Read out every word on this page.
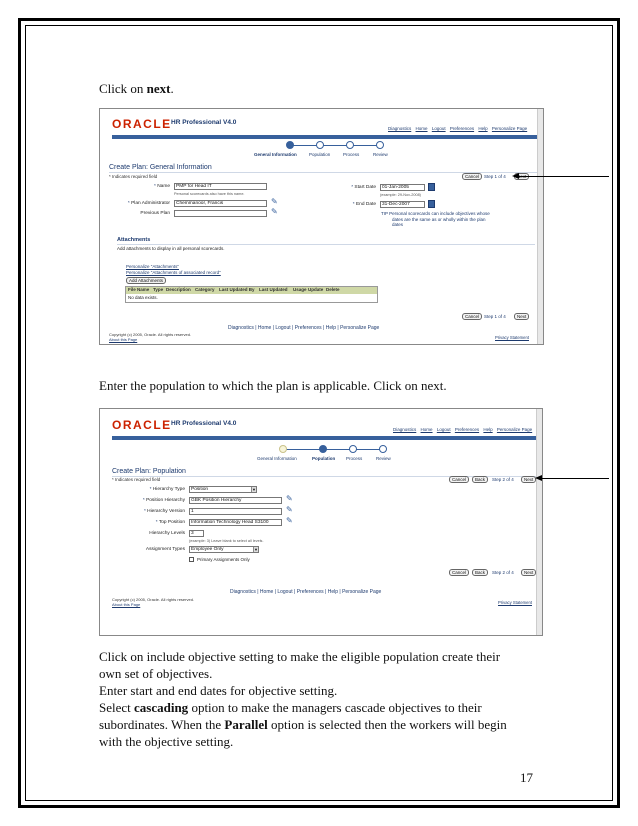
Click on next.
ORACLE HR Professional V4.0
Diagnostics Home Logout Preferences Help Personalize Page
General Information	Population	Process	Review
Create Plan: General Information
* Indicates required field	Cancel	Step 1 of 4
* Name	PMP for Head IT
Personal scorecards also have this name.
* Plan Administrator	Chemmanoor, Francis	✎
Previous Plan	✎
* Start Date	01-Jan-2005
(example: 29-Nov-2008)
* End Date	31-Dec-2007
TIP Personal scorecards can include objectives whose
dates are the same as or wholly within the plan
dates
Attachments
Add attachments to display in all personal scorecards.
Personalize "Attachments"
Personalize "Attachments of associated record"
Add Attachments
File Name Type Description Category Last Updated By Last Updated Usage Update Delete
No data exists.
Cancel	Step 1 of 4	Next
Diagnostics | Home | Logout | Preferences | Help | Personalize Page
Copyright (c) 2005, Oracle. All rights reserved.
About this Page	Privacy Statement
Enter the population to which the plan is applicable. Click on next.
ORACLE HR Professional V4.0
Diagnostics Home Logout Preferences Help Personalize Page
General Information	Population Process	Review
Create Plan: Population
* Indicates required field	Cancel	Back	Step 2 of 4	Next
* Hierarchy Type	Position	▼
* Position Hierarchy	GBK Position Hierarchy	✎
* Hierarchy Version	1	✎
* Top Position	Information Technology Head S3100	✎
Hierarchy Levels	3
(example: 3) Leave blank to select all levels.
Assignment Types	Employee Only	▼
Primary Assignments Only
Cancel	Back	Step 2 of 4	Next
Diagnostics | Home | Logout | Preferences | Help | Personalize Page
Copyright (c) 2005, Oracle. All rights reserved.
About this Page	Privacy Statement
Click on include objective setting to make the eligible population create their
own set of objectives.
Enter start and end dates for objective setting.
Select cascading option to make the managers cascade objectives to their
subordinates. When the Parallel option is selected then the workers will begin
with the objective setting.
17
